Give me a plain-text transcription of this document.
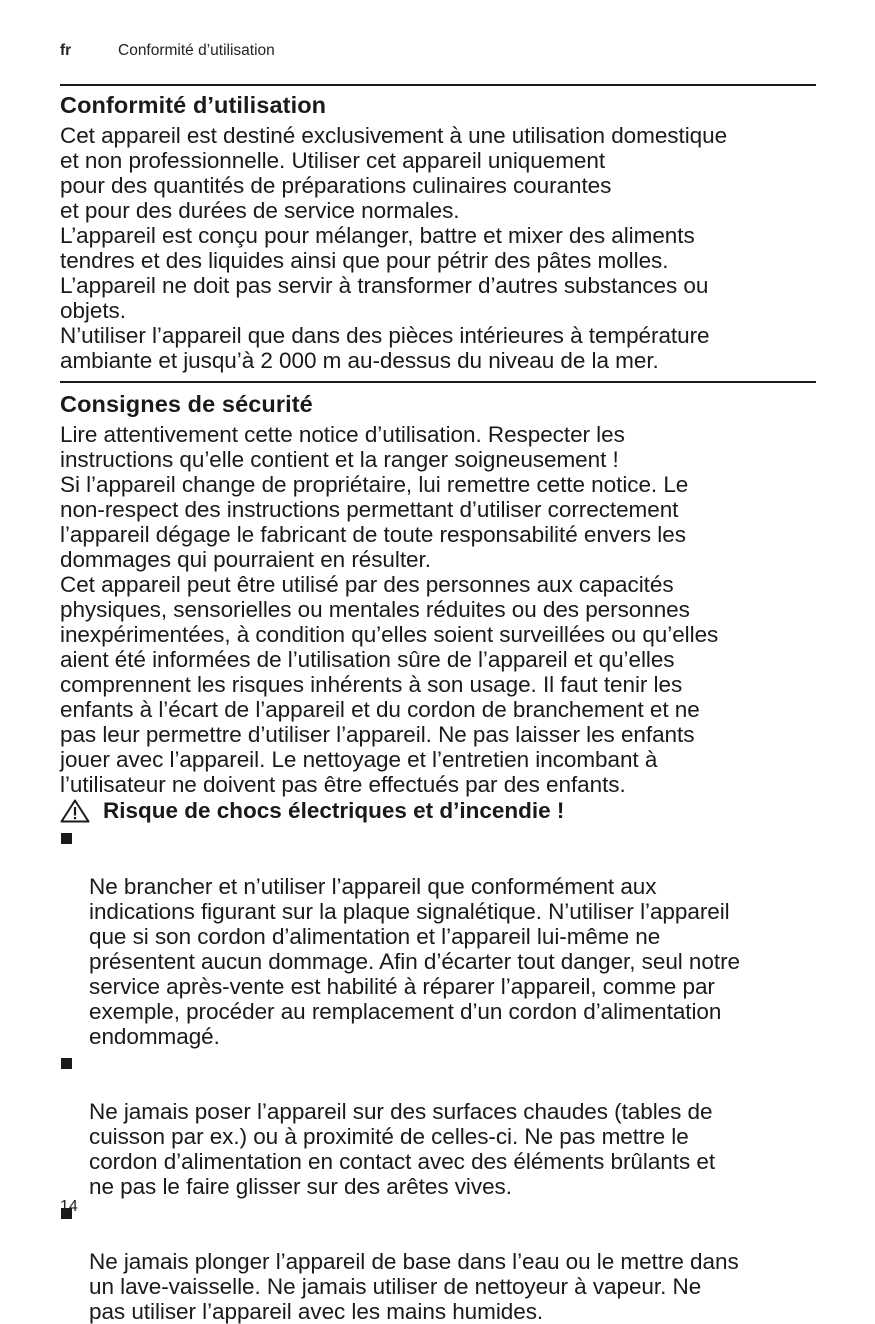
fr	Conformité d’utilisation
Conformité d’utilisation

Cet appareil est destiné exclusivement à une utilisation domestique
et non professionnelle. Utiliser cet appareil uniquement
pour des quantités de préparations culinaires courantes
et pour des durées de service normales.
L’appareil est conçu pour mélanger, battre et mixer des aliments
tendres et des liquides ainsi que pour pétrir des pâtes molles.
L’appareil ne doit pas servir à transformer d’autres substances ou
objets.
N’utiliser l’appareil que dans des pièces intérieures à température
ambiante et jusqu’à 2 000 m au-dessus du niveau de la mer.

Consignes de sécurité

Lire attentivement cette notice d’utilisation. Respecter les
instructions qu’elle contient et la ranger soigneusement !
Si l’appareil change de propriétaire, lui remettre cette notice. Le
non-respect des instructions permettant d’utiliser correctement
l’appareil dégage le fabricant de toute responsabilité envers les
dommages qui pourraient en résulter.
Cet appareil peut être utilisé par des personnes aux capacités
physiques, sensorielles ou mentales réduites ou des personnes
inexpérimentées, à condition qu’elles soient surveillées ou qu’elles
aient été informées de l’utilisation sûre de l’appareil et qu’elles
comprennent les risques inhérents à son usage. Il faut tenir les
enfants à l’écart de l’appareil et du cordon de branchement et ne
pas leur permettre d’utiliser l’appareil. Ne pas laisser les enfants
jouer avec l’appareil. Le nettoyage et l’entretien incombant à
l’utilisateur ne doivent pas être effectués par des enfants.

Risque de chocs électriques et d’incendie !

Ne brancher et n’utiliser l’appareil que conformément aux
indications figurant sur la plaque signalétique. N’utiliser l’appareil
que si son cordon d’alimentation et l’appareil lui-même ne
présentent aucun dommage. Afin d’écarter tout danger, seul notre
service après-vente est habilité à réparer l’appareil, comme par
exemple, procéder au remplacement d’un cordon d’alimentation
endommagé.

Ne jamais poser l’appareil sur des surfaces chaudes (tables de
cuisson par ex.) ou à proximité de celles-ci. Ne pas mettre le
cordon d’alimentation en contact avec des éléments brûlants et
ne pas le faire glisser sur des arêtes vives.

Ne jamais plonger l’appareil de base dans l’eau ou le mettre dans
un lave-vaisselle. Ne jamais utiliser de nettoyeur à vapeur. Ne
pas utiliser l’appareil avec les mains humides.

14
